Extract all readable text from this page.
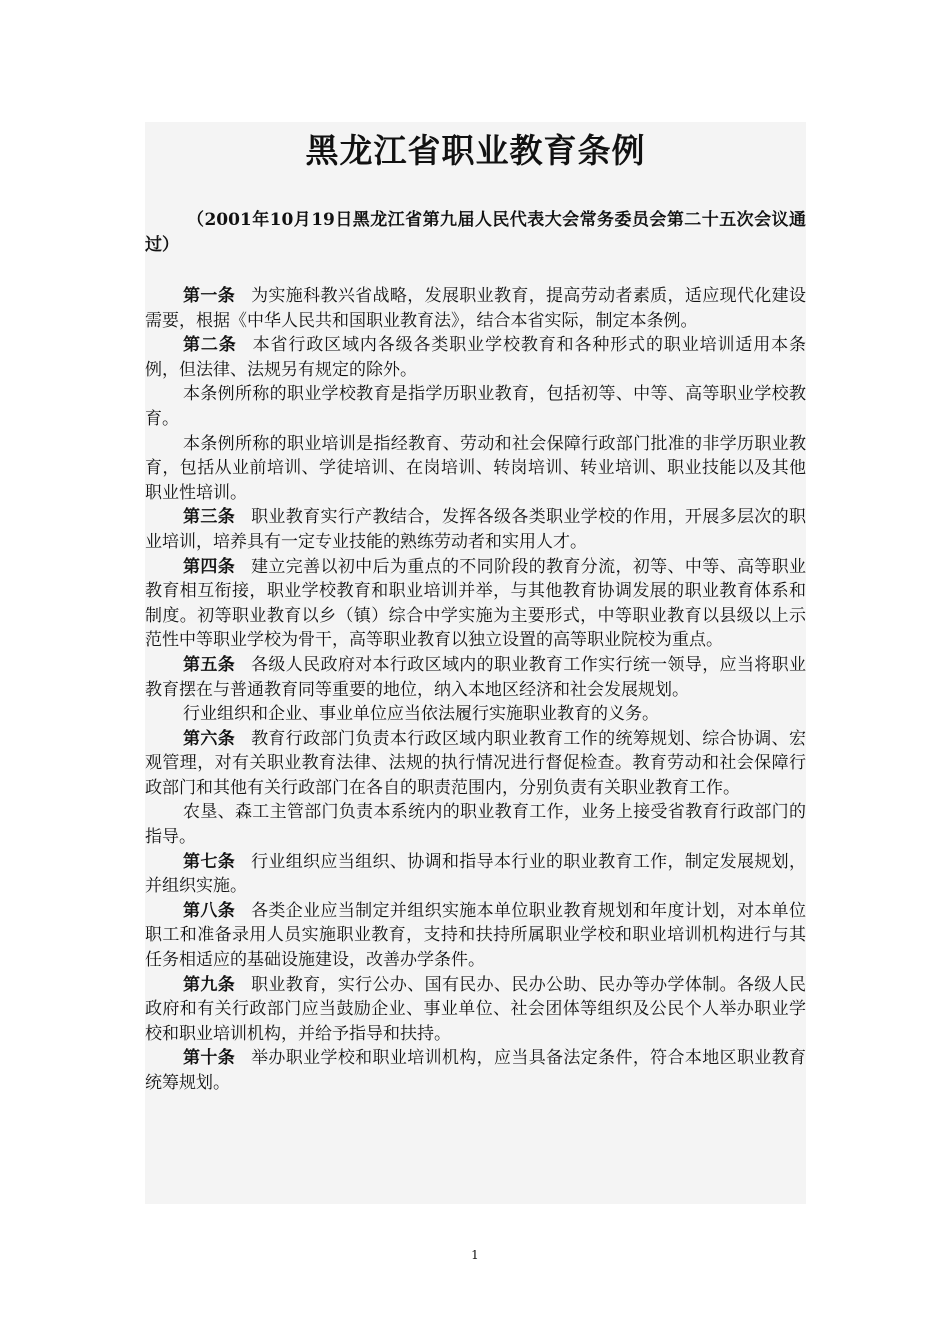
黑龙江省职业教育条例
（2001年10月19日黑龙江省第九届人民代表大会常务委员会第二十五次会议通过）

第一条 为实施科教兴省战略，发展职业教育，提高劳动者素质，适应现代化建设需要，根据《中华人民共和国职业教育法》，结合本省实际，制定本条例。

第二条 本省行政区域内各级各类职业学校教育和各种形式的职业培训适用本条例，但法律、法规另有规定的除外。

本条例所称的职业学校教育是指学历职业教育，包括初等、中等、高等职业学校教育。

本条例所称的职业培训是指经教育、劳动和社会保障行政部门批准的非学历职业教育，包括从业前培训、学徒培训、在岗培训、转岗培训、转业培训、职业技能以及其他职业性培训。

第三条 职业教育实行产教结合，发挥各级各类职业学校的作用，开展多层次的职业培训，培养具有一定专业技能的熟练劳动者和实用人才。

第四条 建立完善以初中后为重点的不同阶段的教育分流，初等、中等、高等职业教育相互衔接，职业学校教育和职业培训并举，与其他教育协调发展的职业教育体系和制度。初等职业教育以乡（镇）综合中学实施为主要形式，中等职业教育以县级以上示范性中等职业学校为骨干，高等职业教育以独立设置的高等职业院校为重点。

第五条 各级人民政府对本行政区域内的职业教育工作实行统一领导，应当将职业教育摆在与普通教育同等重要的地位，纳入本地区经济和社会发展规划。

行业组织和企业、事业单位应当依法履行实施职业教育的义务。

第六条 教育行政部门负责本行政区域内职业教育工作的统筹规划、综合协调、宏观管理，对有关职业教育法律、法规的执行情况进行督促检查。教育劳动和社会保障行政部门和其他有关行政部门在各自的职责范围内，分别负责有关职业教育工作。

农垦、森工主管部门负责本系统内的职业教育工作，业务上接受省教育行政部门的指导。

第七条 行业组织应当组织、协调和指导本行业的职业教育工作，制定发展规划，并组织实施。

第八条 各类企业应当制定并组织实施本单位职业教育规划和年度计划，对本单位职工和准备录用人员实施职业教育，支持和扶持所属职业学校和职业培训机构进行与其任务相适应的基础设施建设，改善办学条件。

第九条 职业教育，实行公办、国有民办、民办公助、民办等办学体制。各级人民政府和有关行政部门应当鼓励企业、事业单位、社会团体等组织及公民个人举办职业学校和职业培训机构，并给予指导和扶持。

第十条 举办职业学校和职业培训机构，应当具备法定条件，符合本地区职业教育统筹规划。

1
